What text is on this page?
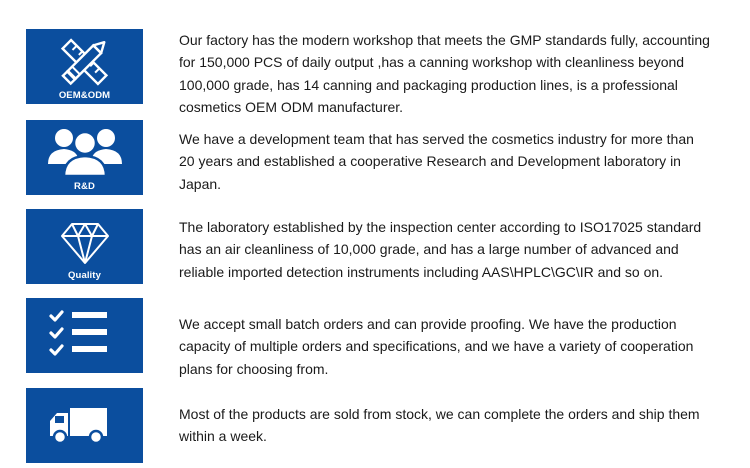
OEM&ODM

Our factory has the modern workshop that meets the GMP standards fully, accounting
for 150,000 PCS of daily output ,has a canning workshop with cleanliness beyond
100,000 grade, has 14 canning and packaging production lines, is a professional
cosmetics OEM ODM manufacturer.

R&D

We have a development team that has served the cosmetics industry for more than
20 years and established a cooperative Research and Development laboratory in
Japan.

Quality

The laboratory established by the inspection center according to ISO17025 standard
has an air cleanliness of 10,000 grade, and has a large number of advanced and
reliable imported detection instruments including AAS\HPLC\GC\IR and so on.

We accept small batch orders and can provide proofing. We have the production
capacity of multiple orders and specifications, and we have a variety of cooperation
plans for choosing from.

Most of the products are sold from stock, we can complete the orders and ship them
within a week.
